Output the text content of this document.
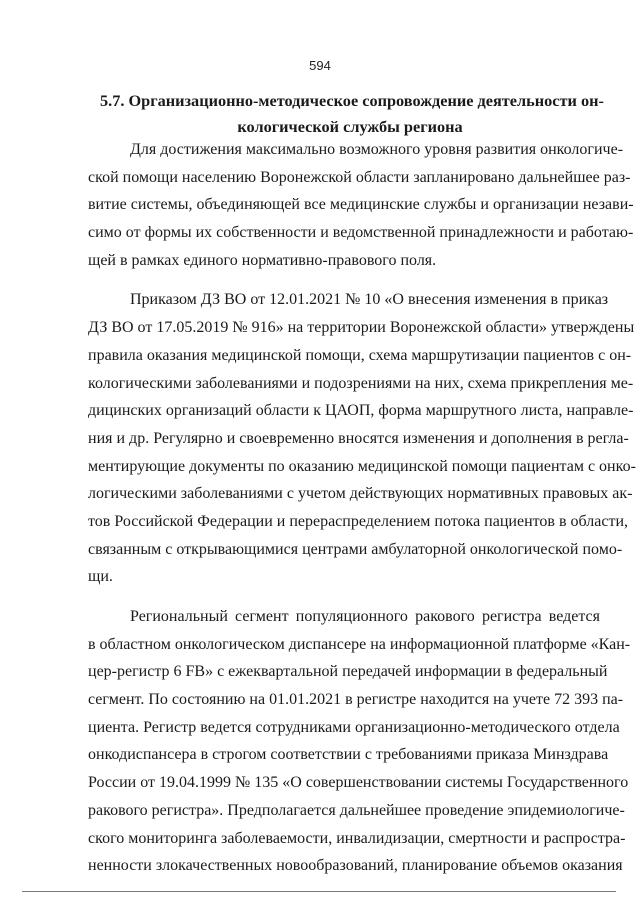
594
5.7. Организационно-методическое сопровождение деятельности он-
кологической службы региона
Для достижения максимально возможного уровня развития онкологиче-
ской помощи населению Воронежской области запланировано дальнейшее раз-
витие системы, объединяющей все медицинские службы и организации незави-
симо от формы их собственности и ведомственной принадлежности и работаю-
щей в рамках единого нормативно-правового поля.
Приказом ДЗ ВО от 12.01.2021 № 10 «О внесения изменения в приказ
ДЗ ВО от 17.05.2019 № 916» на территории Воронежской области» утверждены
правила оказания медицинской помощи, схема маршрутизации пациентов с он-
кологическими заболеваниями и подозрениями на них, схема прикрепления ме-
дицинских организаций области к ЦАОП, форма маршрутного листа, направле-
ния и др. Регулярно и своевременно вносятся изменения и дополнения в регла-
ментирующие документы по оказанию медицинской помощи пациентам с онко-
логическими заболеваниями с учетом действующих нормативных правовых ак-
тов Российской Федерации и перераспределением потока пациентов в области,
связанным с открывающимися центрами амбулаторной онкологической помо-
щи.
Региональный сегмент популяционного ракового регистра ведется
в областном онкологическом диспансере на информационной платформе «Кан-
цер-регистр 6 FB» с ежеквартальной передачей информации в федеральный
сегмент. По состоянию на 01.01.2021 в регистре находится на учете 72 393 па-
циента. Регистр ведется сотрудниками организационно-методического отдела
онкодиспансера в строгом соответствии с требованиями приказа Минздрава
России от 19.04.1999 № 135 «О совершенствовании системы Государственного
ракового регистра». Предполагается дальнейшее проведение эпидемиологиче-
ского мониторинга заболеваемости, инвалидизации, смертности и распростра-
ненности злокачественных новообразований, планирование объемов оказания
